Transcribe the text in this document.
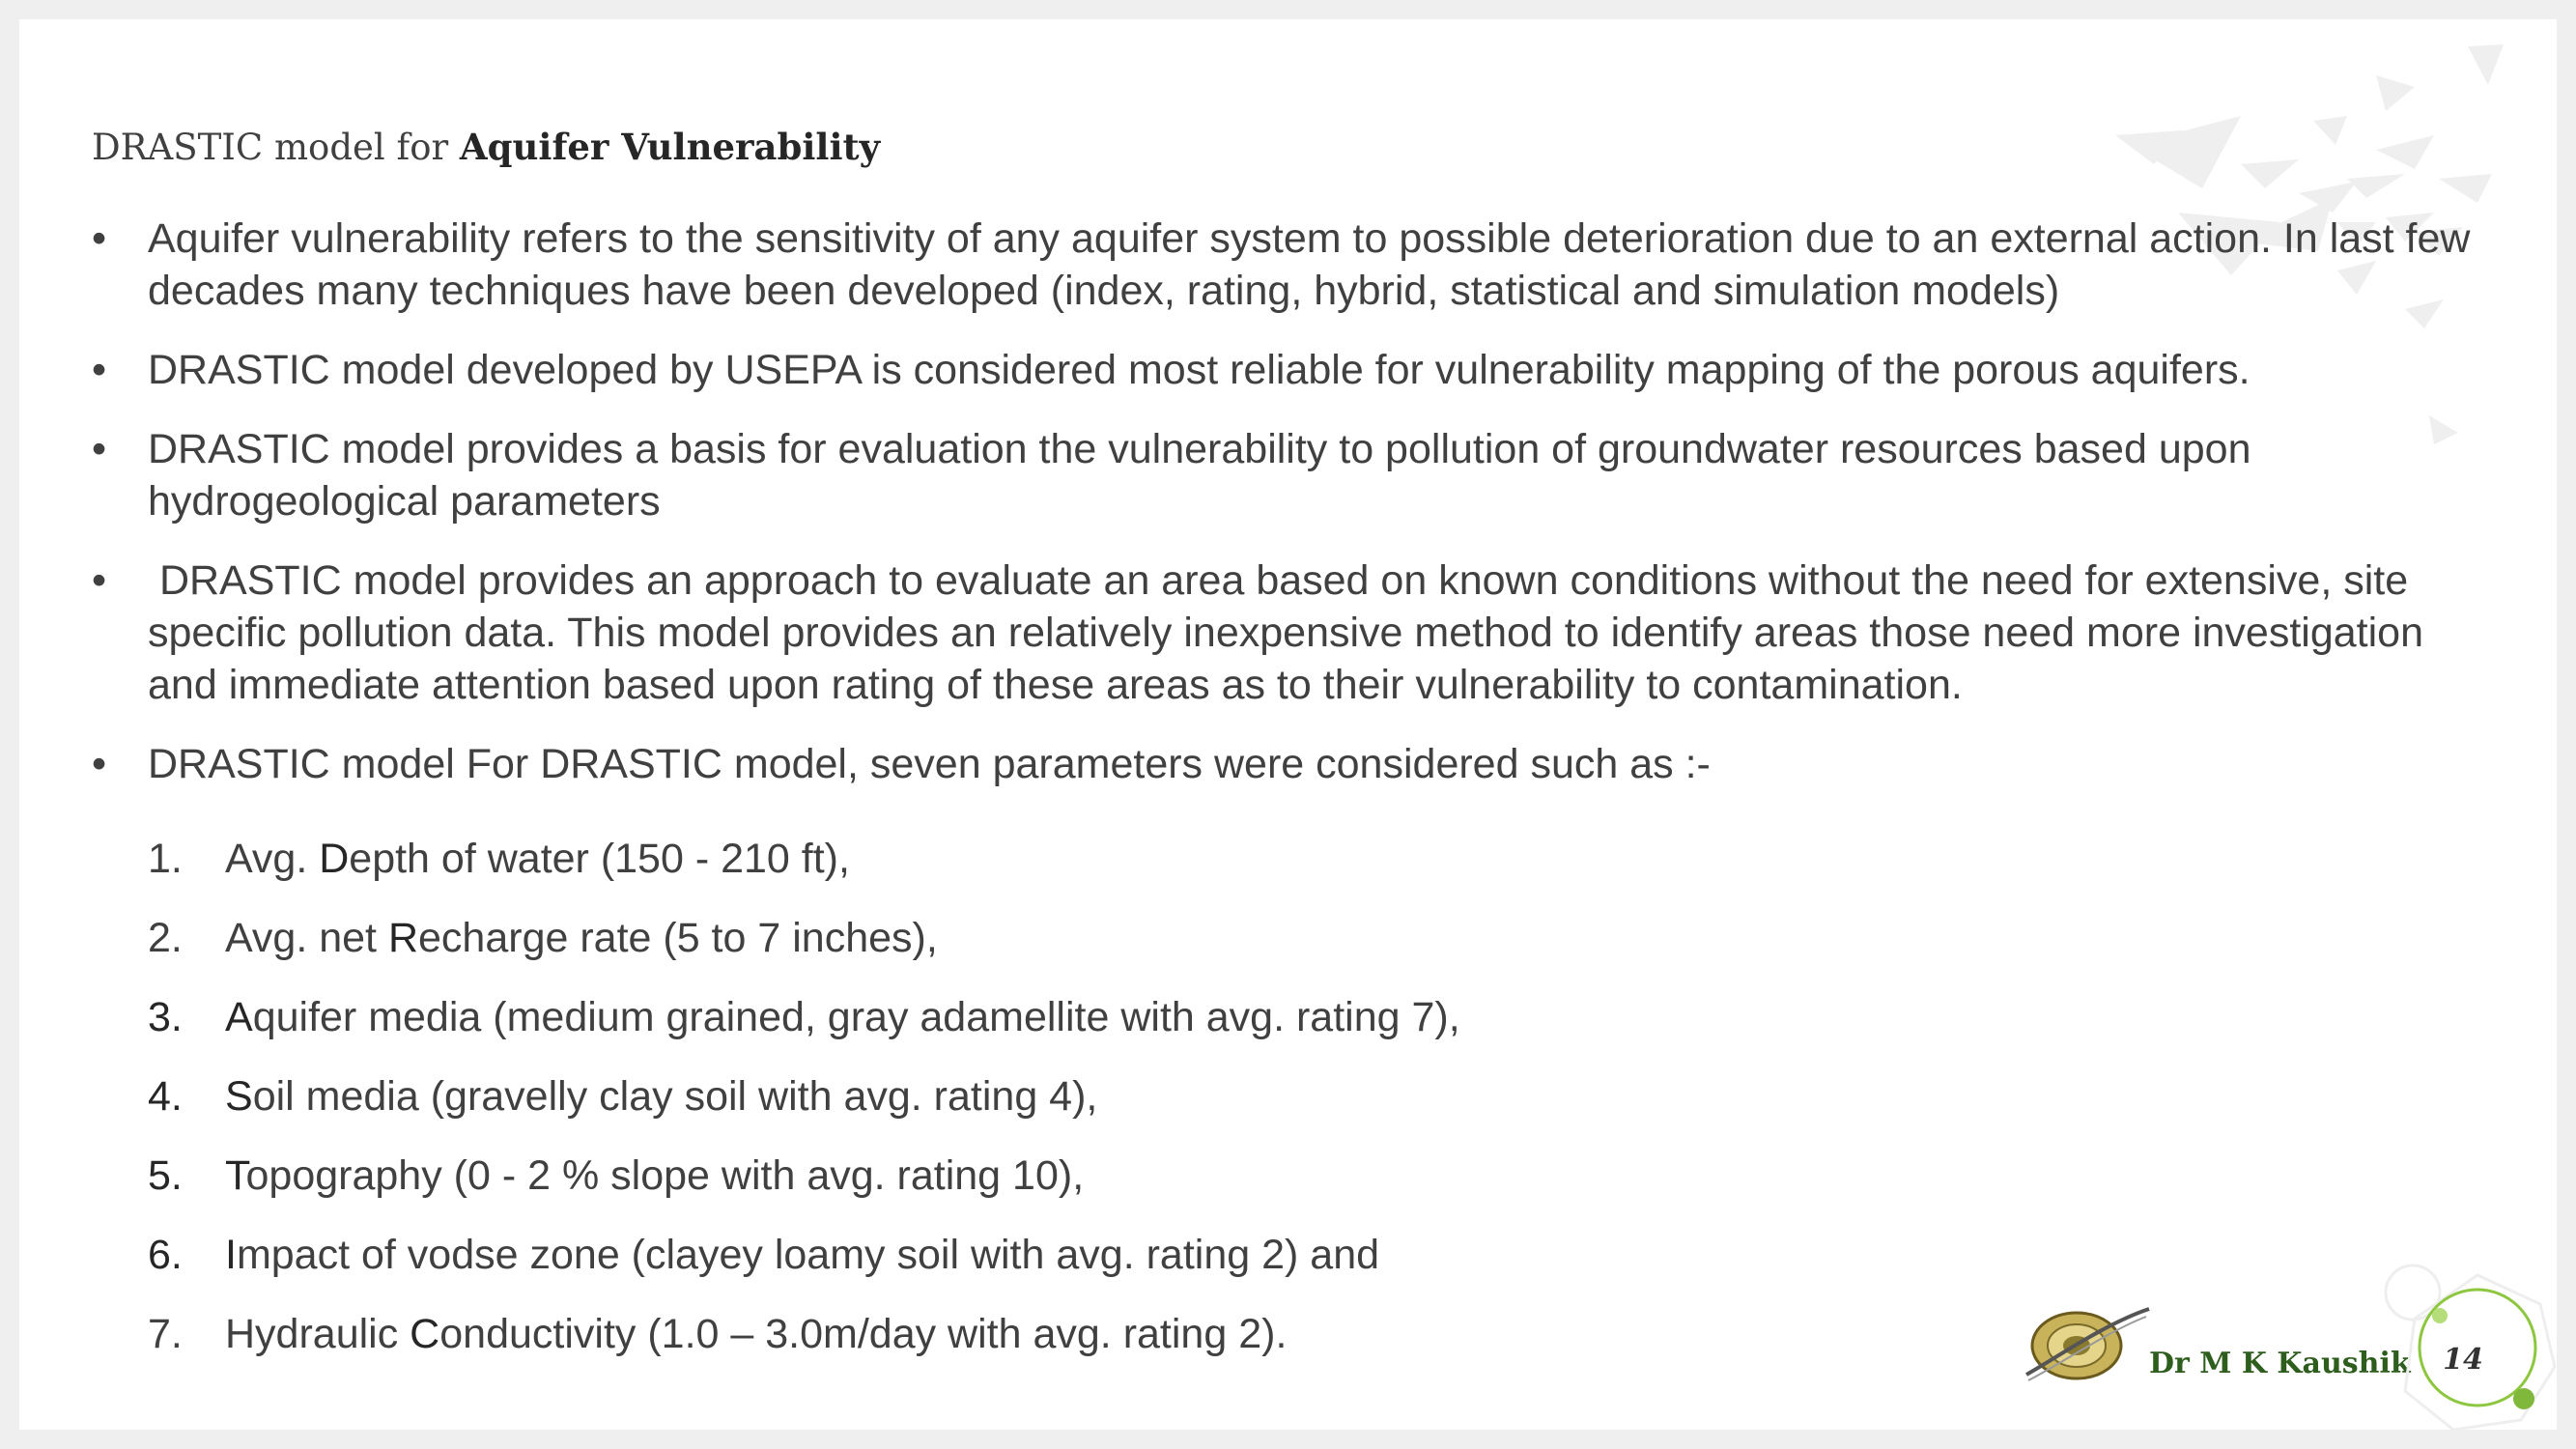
DRASTIC model for Aquifer Vulnerability
• Aquifer vulnerability refers to the sensitivity of any aquifer system to possible deterioration due to an external action. In last few decades many techniques have been developed (index, rating, hybrid, statistical and simulation models)
• DRASTIC model developed by USEPA is considered most reliable for vulnerability mapping of the porous aquifers.
• DRASTIC model provides a basis for evaluation the vulnerability to pollution of groundwater resources based upon hydrogeological parameters
• DRASTIC model provides an approach to evaluate an area based on known conditions without the need for extensive, site specific pollution data. This model provides an relatively inexpensive method to identify areas those need more investigation and immediate attention based upon rating of these areas as to their vulnerability to contamination.
• DRASTIC model For DRASTIC model, seven parameters were considered such as :-
1. Avg. Depth of water (150 - 210 ft),
2. Avg. net Recharge rate (5 to 7 inches),
3. Aquifer media (medium grained, gray adamellite with avg. rating 7),
4. Soil media (gravelly clay soil with avg. rating 4),
5. Topography (0 - 2 % slope with avg. rating 10),
6. Impact of vodse zone (clayey loamy soil with avg. rating 2) and
7. Hydraulic Conductivity (1.0 – 3.0m/day with avg. rating 2).
Dr M K Kaushik	14
